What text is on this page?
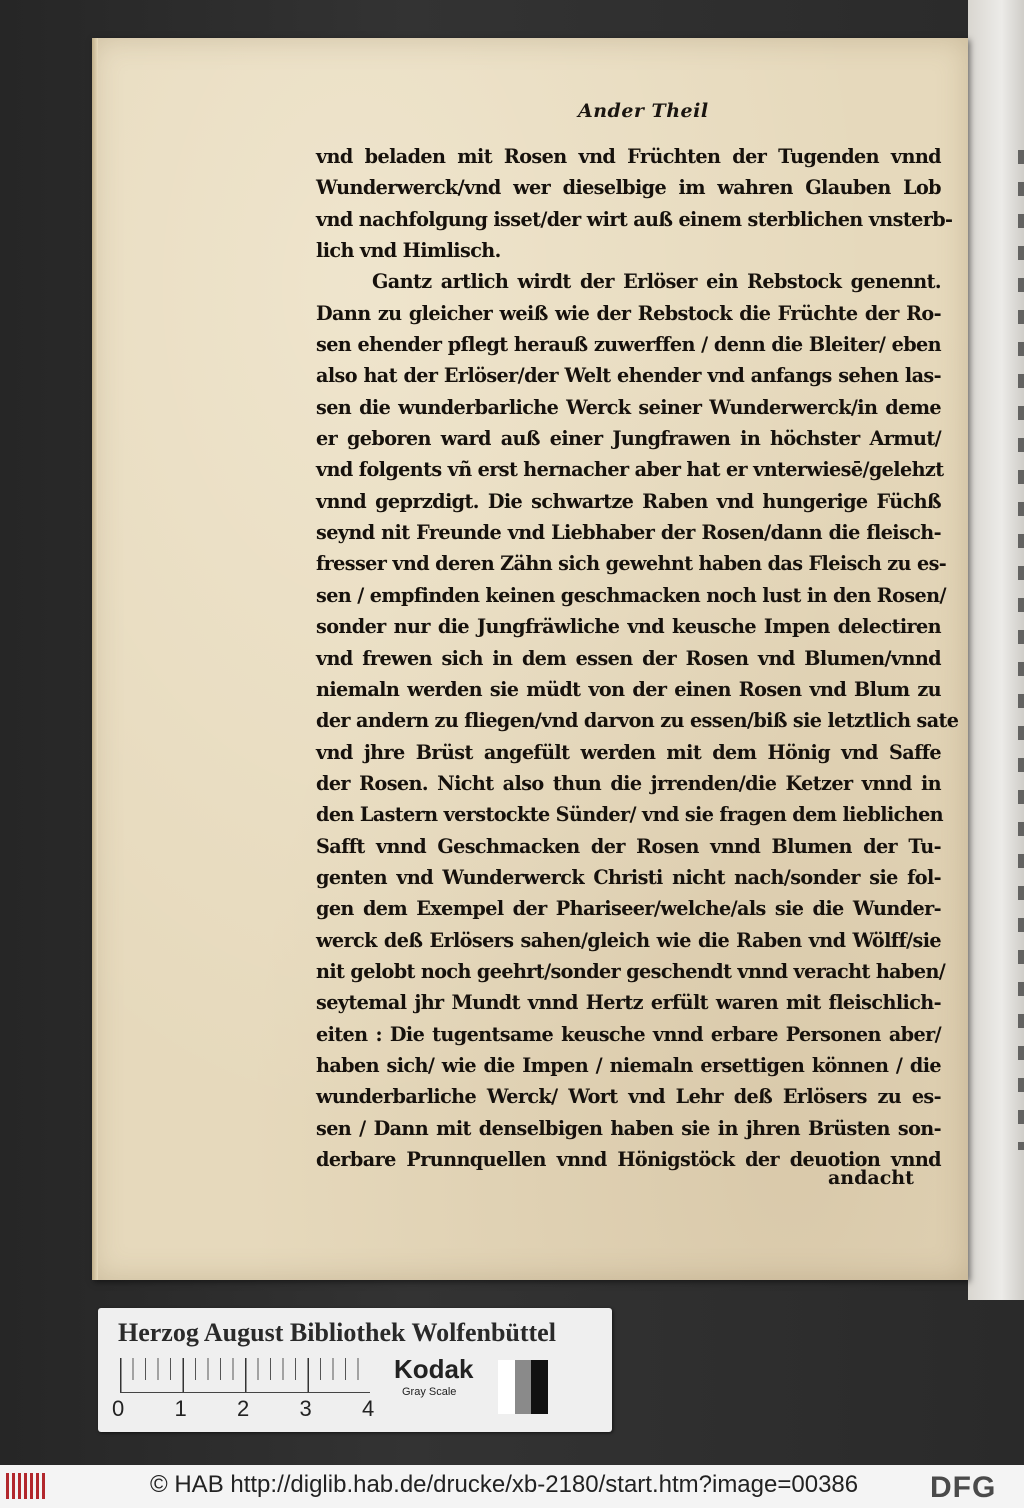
Ander Theil
vnd beladen mit Rosen vnd Früchten der Tugenden vnnd
Wunderwerck/vnd wer dieselbige im wahren Glauben Lob
vnd nachfolgung isset/der wirt auß einem sterblichen vnsterb-
lich vnd Himlisch.
Gantz artlich wirdt der Erlöser ein Rebstock genennt.
Dann zu gleicher weiß wie der Rebstock die Früchte der Ro-
sen ehender pflegt herauß zuwerffen / denn die Bleiter/ eben
also hat der Erlöser/der Welt ehender vnd anfangs sehen las-
sen die wunderbarliche Werck seiner Wunderwerck/in deme
er geboren ward auß einer Jungfrawen in höchster Armut/
vnd folgents vñ erst hernacher aber hat er vnterwiesē/gelehzt
vnnd geprzdigt. Die schwartze Raben vnd hungerige Füchß
seynd nit Freunde vnd Liebhaber der Rosen/dann die fleisch-
fresser vnd deren Zähn sich gewehnt haben das Fleisch zu es-
sen / empfinden keinen geschmacken noch lust in den Rosen/
sonder nur die Jungfräwliche vnd keusche Impen delectiren
vnd frewen sich in dem essen der Rosen vnd Blumen/vnnd
niemaln werden sie müdt von der einen Rosen vnd Blum zu
der andern zu fliegen/vnd darvon zu essen/biß sie letztlich sate
vnd jhre Brüst angefült werden mit dem Hönig vnd Saffe
der Rosen. Nicht also thun die jrrenden/die Ketzer vnnd in
den Lastern verstockte Sünder/ vnd sie fragen dem lieblichen
Safft vnnd Geschmacken der Rosen vnnd Blumen der Tu-
genten vnd Wunderwerck Christi nicht nach/sonder sie fol-
gen dem Exempel der Phariseer/welche/als sie die Wunder-
werck deß Erlösers sahen/gleich wie die Raben vnd Wölff/sie
nit gelobt noch geehrt/sonder geschendt vnnd veracht haben/
seytemal jhr Mundt vnnd Hertz erfült waren mit fleischlich-
eiten : Die tugentsame keusche vnnd erbare Personen aber/
haben sich/ wie die Impen / niemaln ersettigen können / die
wunderbarliche Werck/ Wort vnd Lehr deß Erlösers zu es-
sen / Dann mit denselbigen haben sie in jhren Brüsten son-
derbare Prunnquellen vnnd Hönigstöck der deuotion vnnd
andacht
Herzog August Bibliothek Wolfenbüttel
0 1 2 3 4
Kodak
Gray Scale
© HAB http://diglib.hab.de/drucke/xb-2180/start.htm?image=00386 DFG
